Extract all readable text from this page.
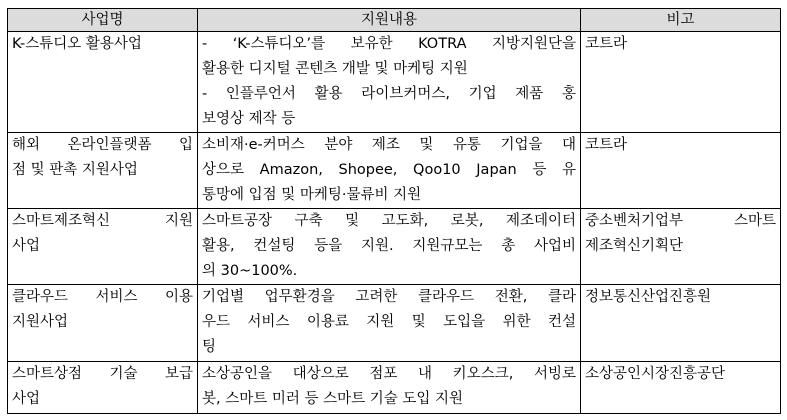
사업명	지원내용	비고

K-스튜디오 활용사업	- ‘K-스튜디오’를 보유한 KOTRA 지방지원단을
활용한 디지털 콘텐츠 개발 및 마케팅 지원
- 인플루언서 활용 라이브커머스, 기업 제품 홍
보영상 제작 등	코트라

해외 온라인플랫폼 입
점 및 판촉 지원사업	소비재·e-커머스 분야 제조 및 유통 기업을 대
상으로 Amazon, Shopee, Qoo10 Japan 등 유
통망에 입점 및 마케팅·물류비 지원	코트라

스마트제조혁신 지원
사업	스마트공장 구축 및 고도화, 로봇, 제조데이터
활용, 컨설팅 등을 지원. 지원규모는 총 사업비
의 30~100%.	중소벤처기업부 스마트
제조혁신기획단

클라우드 서비스 이용
지원사업	기업별 업무환경을 고려한 클라우드 전환, 클라
우드 서비스 이용료 지원 및 도입을 위한 컨설
팅	정보통신산업진흥원

스마트상점 기술 보급
사업	소상공인을 대상으로 점포 내 키오스크, 서빙로
봇, 스마트 미러 등 스마트 기술 도입 지원	소상공인시장진흥공단
